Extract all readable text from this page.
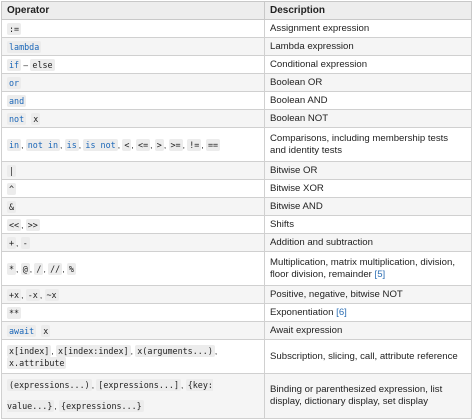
Operator	Description
:=	Assignment expression
lambda	Lambda expression
if – else	Conditional expression
or	Boolean OR
and	Boolean AND
not x	Boolean NOT
in , not in , is , is not , < , <= , > , >= , != , ==	Comparisons, including membership tests and identity tests
|	Bitwise OR
^	Bitwise XOR
&	Bitwise AND
<< , >>	Shifts
+ , -	Addition and subtraction
* , @ , / , // , %	Multiplication, matrix multiplication, division, floor division, remainder [5]
+x , -x , ~x	Positive, negative, bitwise NOT
**	Exponentiation [6]
await x	Await expression
x[index] , x[index:index] , x(arguments...) , x.attribute	Subscription, slicing, call, attribute reference
(expressions...) , [expressions...] , {key: value...} , {expressions...}	Binding or parenthesized expression, list display, dictionary display, set display
